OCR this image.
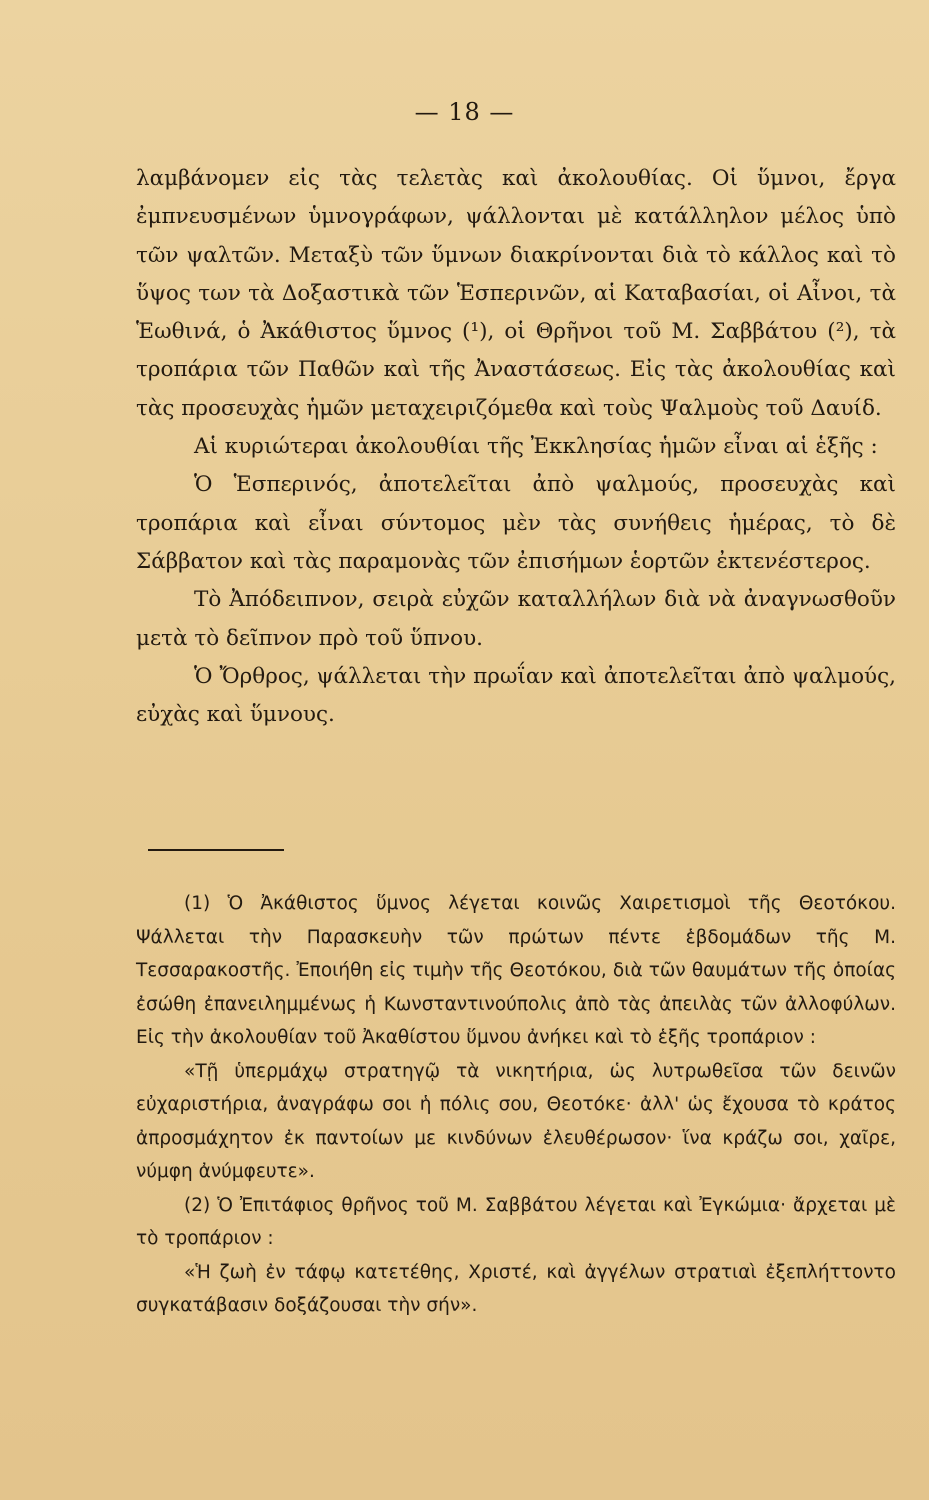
— 18 —

λαμβάνομεν εἰς τὰς τελετὰς καὶ ἀκολουθίας. Οἱ ὕμνοι, ἔργα ἐμπνευσμένων ὑμνογράφων, ψάλλονται μὲ κατάλληλον μέλος ὑπὸ τῶν ψαλτῶν. Μεταξὺ τῶν ὕμνων διακρίνονται διὰ τὸ κάλλος καὶ τὸ ὕψος των τὰ Δοξαστικὰ τῶν Ἑσπερινῶν, αἱ Καταβασίαι, οἱ Αἶνοι, τὰ Ἑωθινά, ὁ Ἀκάθιστος ὕμνος (¹), οἱ Θρῆνοι τοῦ Μ. Σαββάτου (²), τὰ τροπάρια τῶν Παθῶν καὶ τῆς Ἀναστάσεως. Εἰς τὰς ἀκολουθίας καὶ τὰς προσευχὰς ἡμῶν μεταχειριζόμεθα καὶ τοὺς Ψαλμοὺς τοῦ Δαυίδ.

Αἱ κυριώτεραι ἀκολουθίαι τῆς Ἐκκλησίας ἡμῶν εἶναι αἱ ἑξῆς :

Ὁ Ἑσπερινός, ἀποτελεῖται ἀπὸ ψαλμούς, προσευχὰς καὶ τροπάρια καὶ εἶναι σύντομος μὲν τὰς συνήθεις ἡμέρας, τὸ δὲ Σάββατον καὶ τὰς παραμονὰς τῶν ἐπισήμων ἑορτῶν ἐκτενέστερος.

Τὸ Ἀπόδειπνον, σειρὰ εὐχῶν καταλλήλων διὰ νὰ ἀναγνωσθοῦν μετὰ τὸ δεῖπνον πρὸ τοῦ ὕπνου.

Ὁ Ὄρθρος, ψάλλεται τὴν πρωΐαν καὶ ἀποτελεῖται ἀπὸ ψαλμούς, εὐχὰς καὶ ὕμνους.

(1) Ὁ Ἀκάθιστος ὕμνος λέγεται κοινῶς Χαιρετισμοὶ τῆς Θεοτόκου. Ψάλλεται τὴν Παρασκευὴν τῶν πρώτων πέντε ἑβδομάδων τῆς Μ. Τεσσαρακοστῆς. Ἐποιήθη εἰς τιμὴν τῆς Θεοτόκου, διὰ τῶν θαυμάτων τῆς ὁποίας ἐσώθη ἐπανειλημμένως ἡ Κωνσταντινούπολις ἀπὸ τὰς ἀπειλὰς τῶν ἀλλοφύλων. Εἰς τὴν ἀκολουθίαν τοῦ Ἀκαθίστου ὕμνου ἀνήκει καὶ τὸ ἑξῆς τροπάριον :

«Τῇ ὑπερμάχῳ στρατηγῷ τὰ νικητήρια, ὡς λυτρωθεῖσα τῶν δεινῶν εὐχαριστήρια, ἀναγράφω σοι ἡ πόλις σου, Θεοτόκε· ἀλλ' ὡς ἔχουσα τὸ κράτος ἀπροσμάχητον ἐκ παντοίων με κινδύνων ἐλευθέρωσον· ἵνα κράζω σοι, χαῖρε, νύμφη ἀνύμφευτε».

(2) Ὁ Ἐπιτάφιος θρῆνος τοῦ Μ. Σαββάτου λέγεται καὶ Ἐγκώμια· ἄρχεται μὲ τὸ τροπάριον :

«Ἡ ζωὴ ἐν τάφῳ κατετέθης, Χριστέ, καὶ ἀγγέλων στρατιαὶ ἐξεπλήττοντο συγκατάβασιν δοξάζουσαι τὴν σήν».
